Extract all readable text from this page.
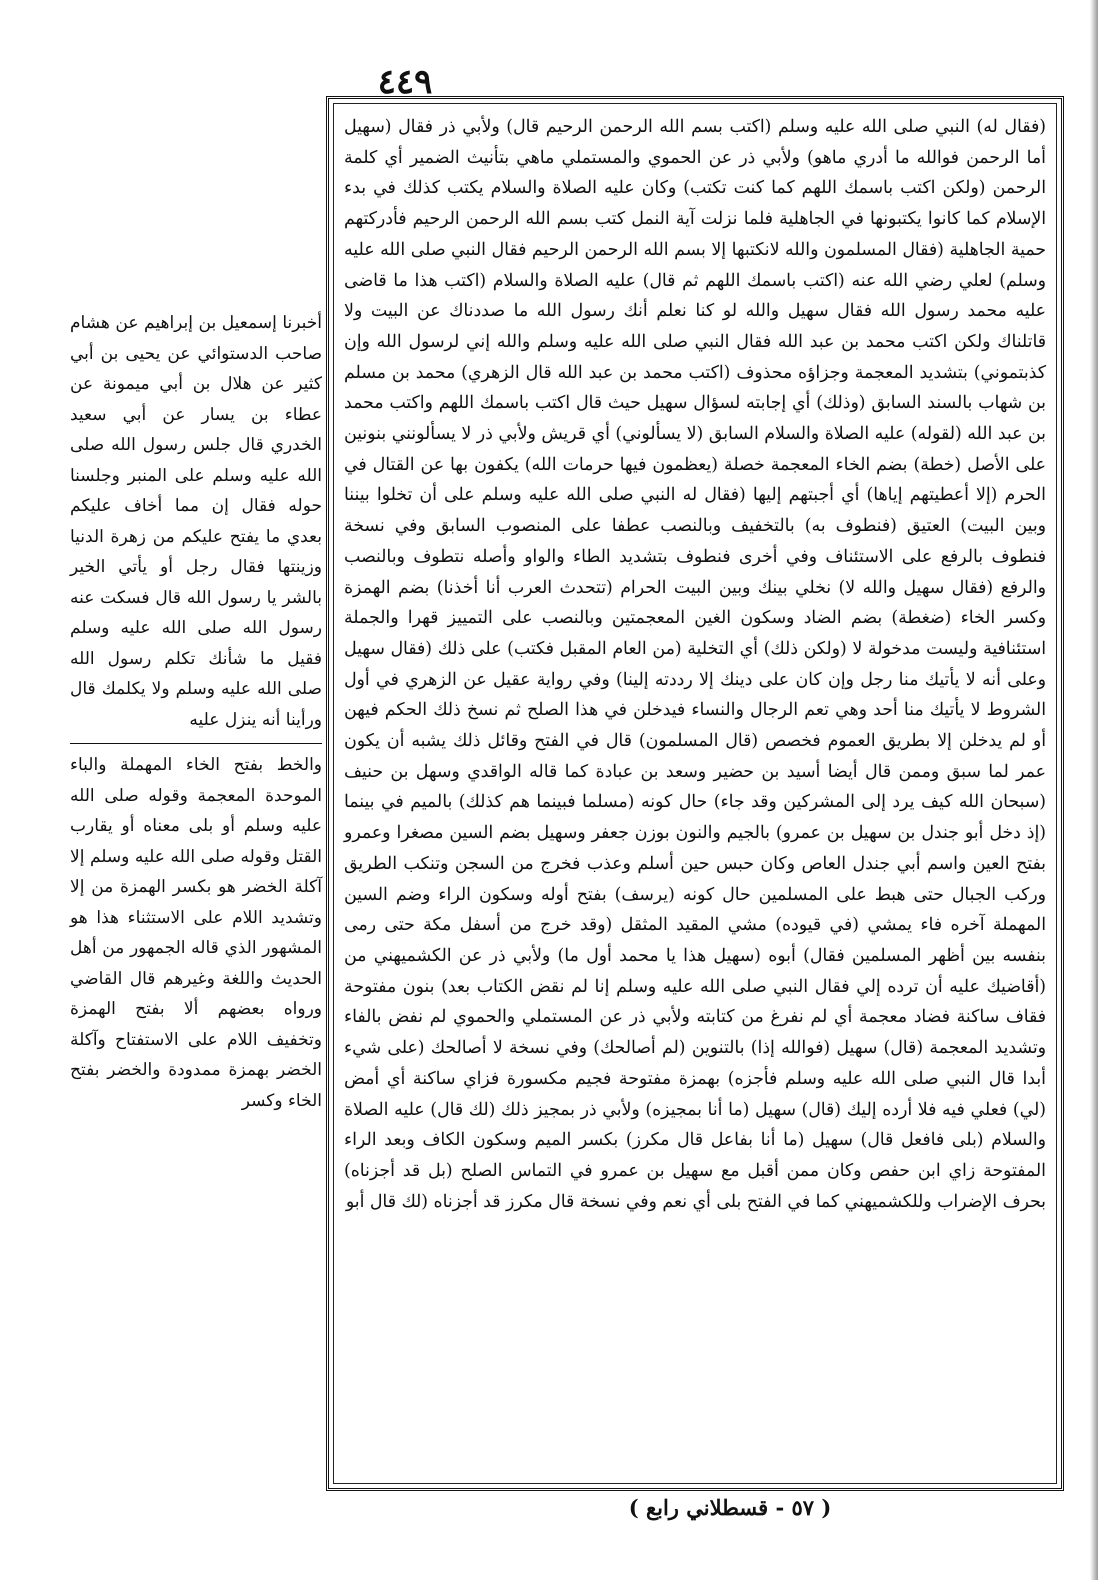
٤٤٩

(فقال له) النبي صلى الله عليه وسلم (اكتب بسم الله الرحمن الرحيم قال) ولأبي ذر فقال (سهيل أما الرحمن فوالله ما أدري ماهو) ولأبي ذر عن الحموي والمستملي ماهي بتأنيث الضمير أي كلمة الرحمن (ولكن اكتب باسمك اللهم كما كنت تكتب) وكان عليه الصلاة والسلام يكتب كذلك في بدء الإسلام كما كانوا يكتبونها في الجاهلية فلما نزلت آية النمل كتب بسم الله الرحمن الرحيم فأدركتهم حمية الجاهلية (فقال المسلمون والله لانكتبها إلا بسم الله الرحمن الرحيم فقال النبي صلى الله عليه وسلم) لعلي رضي الله عنه (اكتب باسمك اللهم ثم قال) عليه الصلاة والسلام (اكتب هذا ما قاضى عليه محمد رسول الله فقال سهيل والله لو كنا نعلم أنك رسول الله ما صددناك عن البيت ولا قاتلناك ولكن اكتب محمد بن عبد الله فقال النبي صلى الله عليه وسلم والله إني لرسول الله وإن كذبتموني) بتشديد المعجمة وجزاؤه محذوف (اكتب محمد بن عبد الله قال الزهري) محمد بن مسلم بن شهاب بالسند السابق (وذلك) أي إجابته لسؤال سهيل حيث قال اكتب باسمك اللهم واكتب محمد بن عبد الله (لقوله) عليه الصلاة والسلام السابق (لا يسألوني) أي قريش ولأبي ذر لا يسألونني بنونين على الأصل (خطة) بضم الخاء المعجمة خصلة (يعظمون فيها حرمات الله) يكفون بها عن القتال في الحرم (إلا أعطيتهم إياها) أي أجبتهم إليها (فقال له النبي صلى الله عليه وسلم على أن تخلوا بيننا وبين البيت) العتيق (فنطوف به) بالتخفيف وبالنصب عطفا على المنصوب السابق وفي نسخة فنطوف بالرفع على الاستئناف وفي أخرى فنطوف بتشديد الطاء والواو وأصله نتطوف وبالنصب والرفع (فقال سهيل والله لا) نخلي بينك وبين البيت الحرام (تتحدث العرب أنا أخذنا) بضم الهمزة وكسر الخاء (ضغطة) بضم الضاد وسكون الغين المعجمتين وبالنصب على التمييز قهرا والجملة استئنافية وليست مدخولة لا (ولكن ذلك) أي التخلية (من العام المقبل فكتب) على ذلك (فقال سهيل وعلى أنه لا يأتيك منا رجل وإن كان على دينك إلا رددته إلينا) وفي رواية عقيل عن الزهري في أول الشروط لا يأتيك منا أحد وهي تعم الرجال والنساء فيدخلن في هذا الصلح ثم نسخ ذلك الحكم فيهن أو لم يدخلن إلا بطريق العموم فخصص (قال المسلمون) قال في الفتح وقائل ذلك يشبه أن يكون عمر لما سبق وممن قال أيضا أسيد بن حضير وسعد بن عبادة كما قاله الواقدي وسهل بن حنيف (سبحان الله كيف يرد إلى المشركين وقد جاء) حال كونه (مسلما فبينما هم كذلك) بالميم في بينما (إذ دخل أبو جندل بن سهيل بن عمرو) بالجيم والنون بوزن جعفر وسهيل بضم السين مصغرا وعمرو بفتح العين واسم أبي جندل العاص وكان حبس حين أسلم وعذب فخرج من السجن وتنكب الطريق وركب الجبال حتى هبط على المسلمين حال كونه (يرسف) بفتح أوله وسكون الراء وضم السين المهملة آخره فاء يمشي (في قيوده) مشي المقيد المثقل (وقد خرج من أسفل مكة حتى رمى بنفسه بين أظهر المسلمين فقال) أبوه (سهيل هذا يا محمد أول ما) ولأبي ذر عن الكشميهني من (أقاضيك عليه أن ترده إلي فقال النبي صلى الله عليه وسلم إنا لم نقض الكتاب بعد) بنون مفتوحة فقاف ساكنة فضاد معجمة أي لم نفرغ من كتابته ولأبي ذر عن المستملي والحموي لم نفض بالفاء وتشديد المعجمة (قال) سهيل (فوالله إذا) بالتنوين (لم أصالحك) وفي نسخة لا أصالحك (على شيء أبدا قال النبي صلى الله عليه وسلم فأجزه) بهمزة مفتوحة فجيم مكسورة فزاي ساكنة أي أمض (لي) فعلي فيه فلا أرده إليك (قال) سهيل (ما أنا بمجيزه) ولأبي ذر بمجيز ذلك (لك قال) عليه الصلاة والسلام (بلى فافعل قال) سهيل (ما أنا بفاعل قال مكرز) بكسر الميم وسكون الكاف وبعد الراء المفتوحة زاي ابن حفص وكان ممن أقبل مع سهيل بن عمرو في التماس الصلح (بل قد أجزناه) بحرف الإضراب وللكشميهني كما في الفتح بلى أي نعم وفي نسخة قال مكرز قد أجزناه (لك قال أبو

أخبرنا إسمعيل بن إبراهيم عن هشام صاحب الدستوائي عن يحيى بن أبي كثير عن هلال بن أبي ميمونة عن عطاء بن يسار عن أبي سعيد الخدري قال جلس رسول الله صلى الله عليه وسلم على المنبر وجلسنا حوله فقال إن مما أخاف عليكم بعدي ما يفتح عليكم من زهرة الدنيا وزينتها فقال رجل أو يأتي الخير بالشر يا رسول الله قال فسكت عنه رسول الله صلى الله عليه وسلم فقيل ما شأنك تكلم رسول الله صلى الله عليه وسلم ولا يكلمك قال ورأينا أنه ينزل عليه

والخط بفتح الخاء المهملة والباء الموحدة المعجمة وقوله صلى الله عليه وسلم أو بلى معناه أو يقارب القتل وقوله صلى الله عليه وسلم إلا آكلة الخضر هو بكسر الهمزة من إلا وتشديد اللام على الاستثناء هذا هو المشهور الذي قاله الجمهور من أهل الحديث واللغة وغيرهم قال القاضي ورواه بعضهم ألا بفتح الهمزة وتخفيف اللام على الاستفتاح وآكلة الخضر بهمزة ممدودة والخضر بفتح الخاء وكسر

( ٥٧ - قسطلاني رابع )
